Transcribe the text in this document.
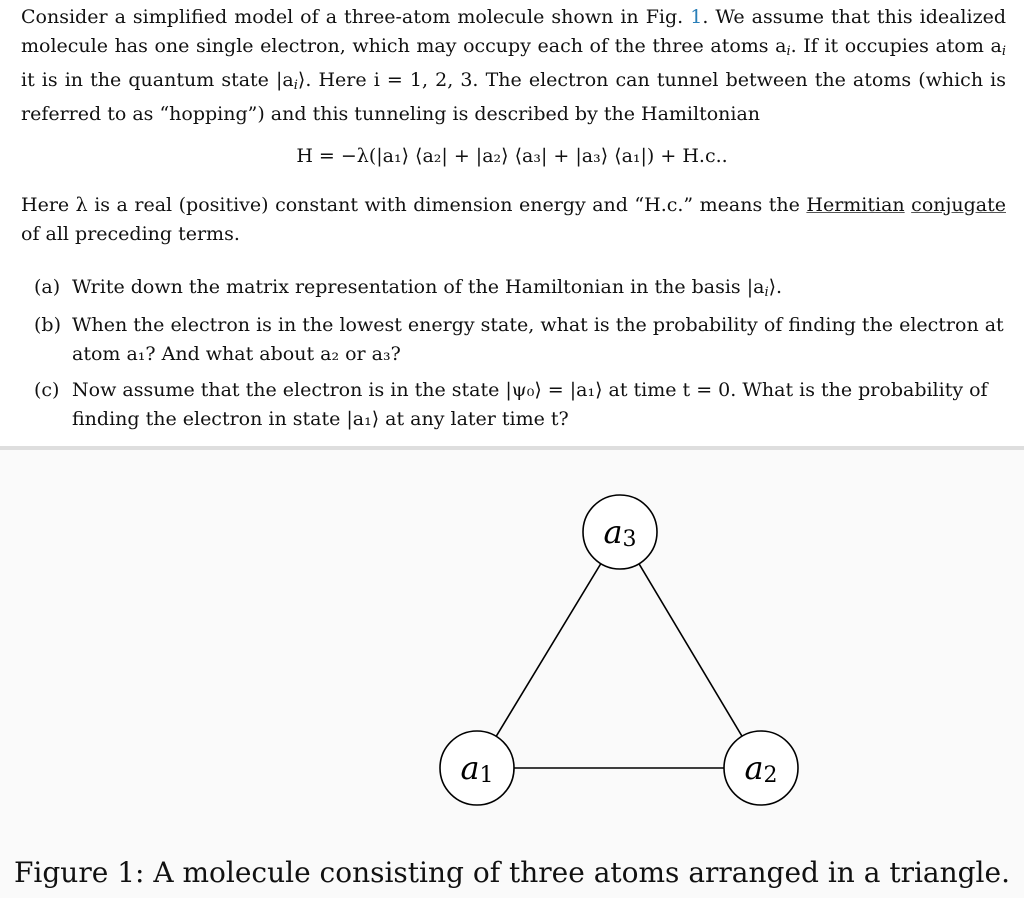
Consider a simplified model of a three-atom molecule shown in Fig. 1. We assume that this idealized molecule has one single electron, which may occupy each of the three atoms $a_i$. If it occupies atom $a_i$ it is in the quantum state $|a_i⟩$. Here i = 1, 2, 3. The electron can tunnel between the atoms (which is referred to as “hopping”) and this tunneling is described by the Hamiltonian
H = −λ(|a₁⟩ ⟨a₂| + |a₂⟩ ⟨a₃| + |a₃⟩ ⟨a₁|) + H.c..
Here λ is a real (positive) constant with dimension energy and “H.c.” means the Hermitian conjugate of all preceding terms.
(a) Write down the matrix representation of the Hamiltonian in the basis $|a_i⟩$.
(b) When the electron is in the lowest energy state, what is the probability of finding the electron at atom a₁? And what about a₂ or a₃?
(c) Now assume that the electron is in the state |ψ₀⟩ = |a₁⟩ at time t = 0. What is the probability of finding the electron in state |a₁⟩ at any later time t?
$a_3$
$a_1$	$a_2$
Figure 1: A molecule consisting of three atoms arranged in a triangle.
